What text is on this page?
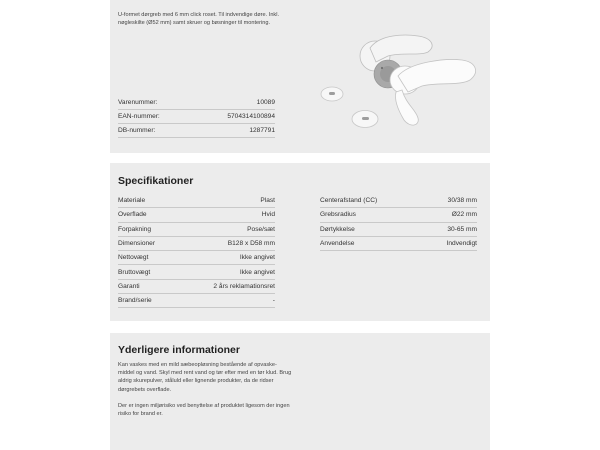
U-formet dørgreb med 6 mm click roset. Til indvendige døre. Inkl. nøgleskilte (Ø52 mm) samt skruer og bøsninger til montering.
Varenummer:	10089
EAN-nummer:	5704314100894
DB-nummer:	1287791
Specifikationer
Materiale	Plast
Overflade	Hvid
Forpakning	Pose/sæt
Dimensioner	B128 x D58 mm
Nettovægt	Ikke angivet
Bruttovægt	Ikke angivet
Garanti	2 års reklamationsret
Brand/serie	-
Centerafstand (CC)	30/38 mm
Grebsradius	Ø22 mm
Dørtykkelse	30-65 mm
Anvendelse	Indvendigt
Yderligere informationer

Kan vaskes med en mild sæbeopløsning bestående af opvaske-middel og vand. Skyl med rent vand og tør efter med en tør klud. Brug aldrig skurepulver, ståluld eller lignende produkter, da de ridser dørgrebets overflade.

Der er ingen miljørisiko ved benyttelse af produktet ligesom der ingen risiko for brand er.
